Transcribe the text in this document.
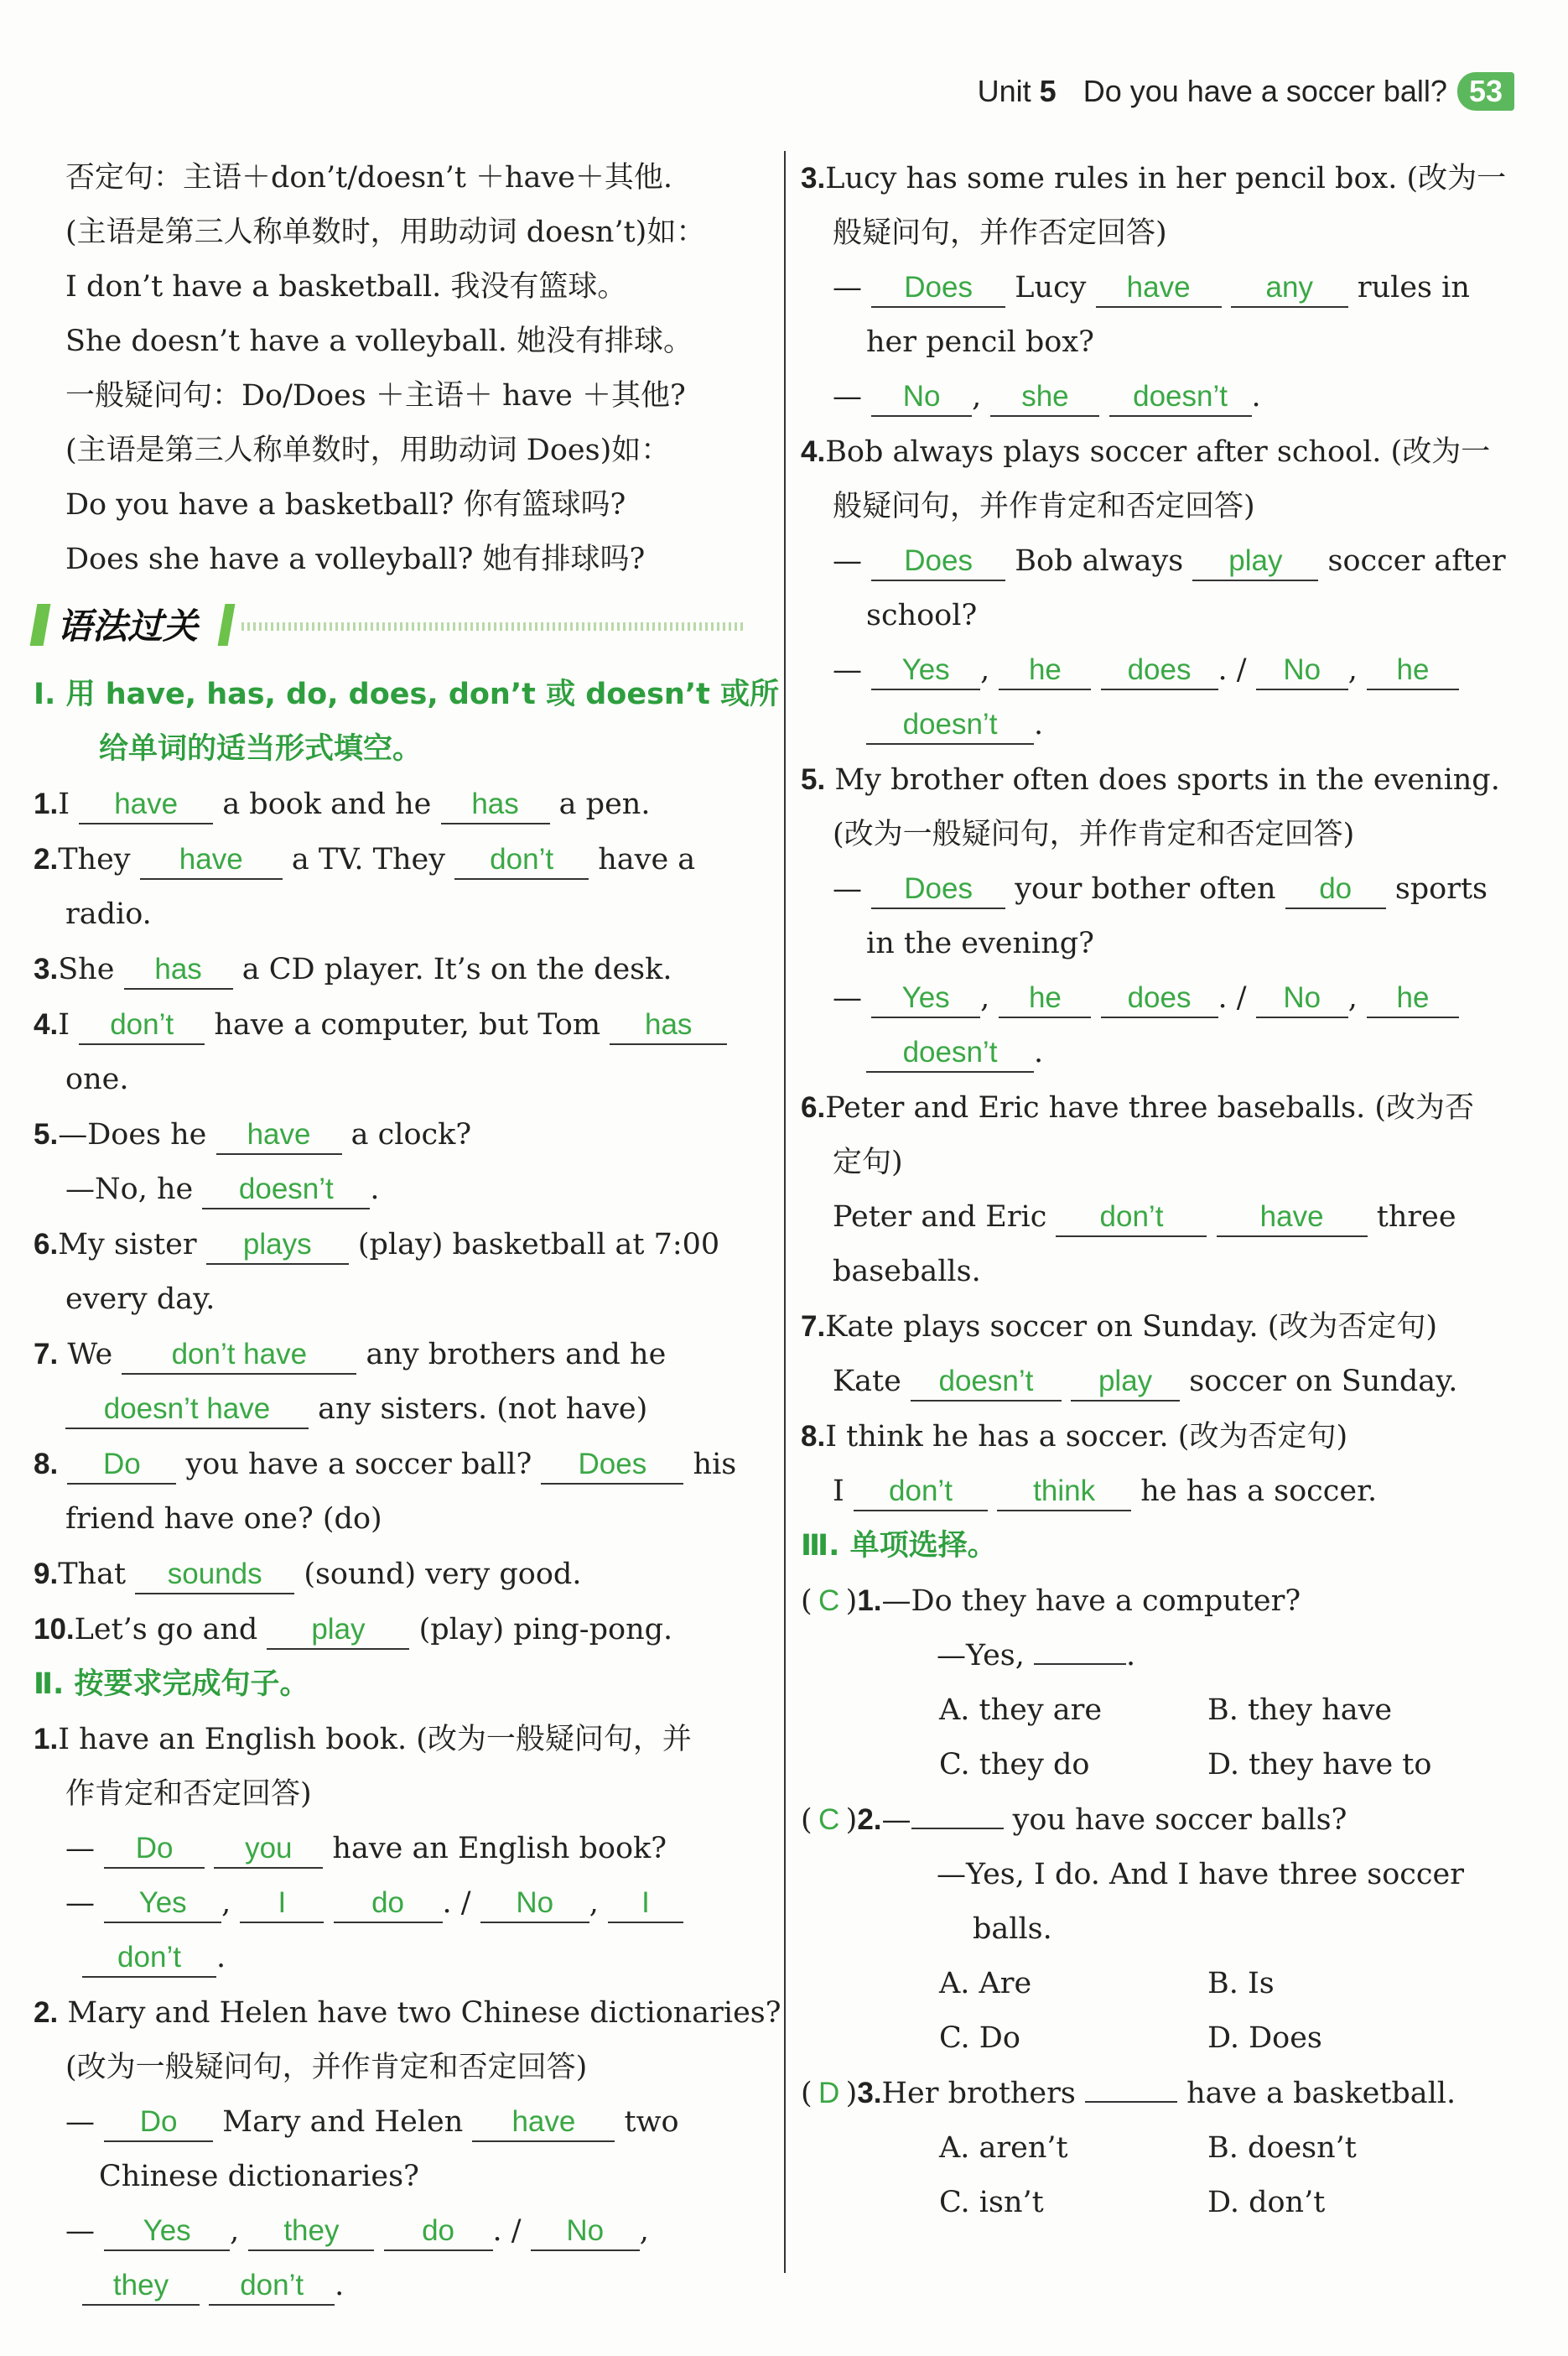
Unit 5 Do you have a soccer ball? 53
否定句：主语＋don’t/doesn’t ＋have＋其他.
(主语是第三人称单数时，用助动词 doesn’t)如：
I don’t have a basketball. 我没有篮球。
She doesn’t have a volleyball. 她没有排球。
一般疑问句：Do/Does ＋主语＋ have ＋其他?
(主语是第三人称单数时，用助动词 Does)如：
Do you have a basketball? 你有篮球吗?
Does she have a volleyball? 她有排球吗?
语法过关
Ⅰ. 用 have, has, do, does, don’t 或 doesn’t 或所
给单词的适当形式填空。
1.I have a book and he has a pen.
2.They have a TV. They don’t have a
radio.
3.She has a CD player. It’s on the desk.
4.I don’t have a computer, but Tom has
one.
5.—Does he have a clock?
—No, he doesn’t .
6.My sister plays (play) basketball at 7:00
every day.
7. We don’t have any brothers and he
doesn’t have any sisters. (not have)
8. Do you have a soccer ball? Does his
friend have one? (do)
9.That sounds (sound) very good.
10.Let’s go and play (play) ping-pong.
Ⅱ. 按要求完成句子。
1.I have an English book. (改为一般疑问句，并
作肯定和否定回答)
— Do you have an English book?
— Yes , I	do . / No , I
don’t .
2. Mary and Helen have two Chinese dictionaries?
(改为一般疑问句，并作肯定和否定回答)
— Do Mary and Helen have two
Chinese dictionaries?
— Yes , they	do . / No ,
they don’t .
3.Lucy has some rules in her pencil box. (改为一
般疑问句，并作否定回答)
— Does Lucy have	any rules in
her pencil box?
— No , she doesn’t .
4.Bob always plays soccer after school. (改为一
般疑问句，并作肯定和否定回答)
— Does Bob always play soccer after
school?
— Yes , he does . / No , he
doesn’t .
5. My brother often does sports in the evening.
(改为一般疑问句，并作肯定和否定回答)
— Does your bother often do sports
in the evening?
— Yes , he does . / No , he
doesn’t .
6.Peter and Eric have three baseballs. (改为否
定句)
Peter and Eric don’t	have three
baseballs.
7.Kate plays soccer on Sunday. (改为否定句)
Kate doesn’t play soccer on Sunday.
8.I think he has a soccer. (改为否定句)
I don’t	think he has a soccer.
Ⅲ. 单项选择。
( C )1.—Do they have a computer?
—Yes,	.
A. they are	B. they have
C. they do	D. they have to
( C )2.—	you have soccer balls?
—Yes, I do. And I have three soccer
balls.
A. Are	B. Is
C. Do	D. Does
( D )3.Her brothers	have a basketball.
A. aren’t	B. doesn’t
C. isn’t	D. don’t
